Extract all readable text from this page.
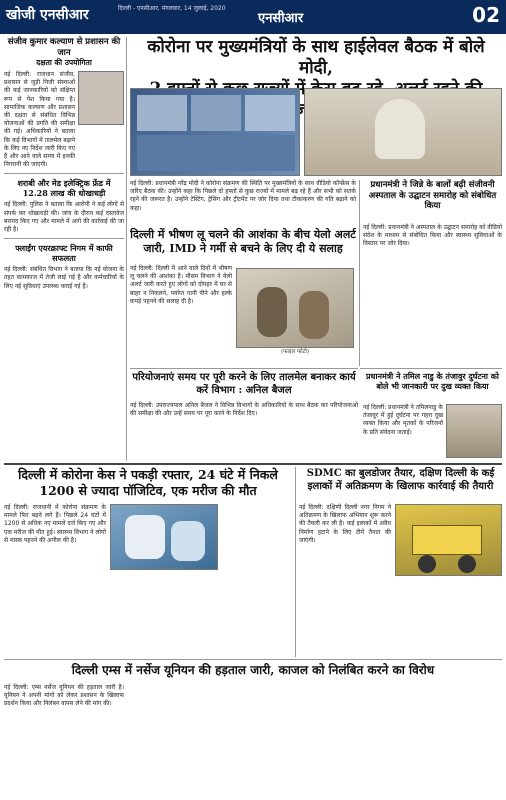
खोजी एनसीआर	दिल्ली - एनसीआर, मंगलवार, 14 जुलाई, 2020

एनसीआर	02
संजीव कुमार कल्याण से प्रशासन की जान
दक्षता की उपयोगिता
नई दिल्ली: राजधान संजीव, प्रशासन से जुड़ी निजी संस्थाओं की कई जानकारियों को संक्षिप्त रूप से पेश किया गया है। सामाजिक कल्याण और प्रशासन की दक्षता से संबंधित विभिन्न योजनाओं की प्रगति की समीक्षा की गई। अधिकारियों ने बताया कि कई विभागों में तालमेल बढ़ाने के लिए नए निर्देश जारी किए गए हैं और आने वाले समय में इनकी निगरानी की जाएगी।
शराबी और मेड इलेक्ट्रिक फ्रेंड में 12.28 लाख की धोखाधड़ी
नई दिल्ली: पुलिस ने बताया कि आरोपी ने कई लोगों से संपर्क कर धोखाधड़ी की। जांच के दौरान कई दस्तावेज बरामद किए गए और मामले में आगे की कार्रवाई की जा रही है।
फ्लाईंग एयरक्राफ्ट निगम में काफी सफलता
नई दिल्ली: संबंधित विभाग ने बताया कि नई योजना के तहत कामकाज में तेजी लाई गई है और कर्मचारियों के लिए नई सुविधाएं उपलब्ध कराई गई हैं।
कोरोना पर मुख्यमंत्रियों के साथ हाईलेवल बैठक में बोले मोदी,
में
नई दिल्ली: प्रधानमंत्री नरेंद्र मोदी ने कोरोना संक्रमण की स्थिति पर मुख्यमंत्रियों के साथ वीडियो कॉन्फ्रेंस के जरिए बैठक की। उन्होंने कहा कि पिछले दो हफ्तों से कुछ राज्यों में मामले बढ़ रहे हैं और सभी को सतर्क रहने की जरूरत है। उन्होंने टेस्टिंग, ट्रेसिंग और ट्रीटमेंट पर जोर दिया तथा टीकाकरण की गति बढ़ाने को कहा।
दिल्ली में भीषण लू चलने की आशंका के बीच येलो अलर्ट जारी, IMD ने गर्मी से बचने के लिए दी ये सलाह
नई दिल्ली: दिल्ली में आने वाले दिनों में भीषण लू चलने की आशंका है। मौसम विभाग ने येलो अलर्ट जारी करते हुए लोगों को दोपहर में घर से बाहर न निकलने, पर्याप्त पानी पीने और हल्के कपड़े पहनने की सलाह दी है।
(फाइल फोटो)
प्रधानमंत्री ने जिन्ने के बालों बढ़ी संजीवनी अस्पताल के उद्घाटन समारोह को संबोधित किया
नई दिल्ली: प्रधानमंत्री ने अस्पताल के उद्घाटन समारोह को वीडियो संदेश के माध्यम से संबोधित किया और स्वास्थ्य सुविधाओं के विस्तार पर जोर दिया।
परियोजनाएं समय पर पूरी करने के लिए तालमेल बनाकर कार्य करें विभाग : अनिल बैजल
नई दिल्ली: उपराज्यपाल अनिल बैजल ने विभिन्न विभागों के अधिकारियों के साथ बैठक कर परियोजनाओं की समीक्षा की और उन्हें समय पर पूरा करने के निर्देश दिए।
प्रधानमंत्री ने तमिल नाडु के तंजावुर दुर्घटना को बोले भी जानकारी पर दुख व्यक्त किया
नई दिल्ली: प्रधानमंत्री ने तमिलनाडु के तंजावुर में हुई दुर्घटना पर गहरा दुख व्यक्त किया और मृतकों के परिजनों के प्रति संवेदना जताई।
दिल्ली में कोरोना केस ने पकड़ी रफ्तार, 24 घंटे में निकले 1200 से ज्यादा पॉजिटिव, एक मरीज की मौत
नई दिल्ली: राजधानी में कोरोना संक्रमण के मामले फिर बढ़ने लगे हैं। पिछले 24 घंटों में 1200 से अधिक नए मामले दर्ज किए गए और एक मरीज की मौत हुई। स्वास्थ्य विभाग ने लोगों से मास्क पहनने की अपील की है।
SDMC का बुलडोजर तैयार, दक्षिण दिल्ली के कई इलाकों में अतिक्रमण के खिलाफ कार्रवाई की तैयारी
नई दिल्ली: दक्षिणी दिल्ली नगर निगम ने अतिक्रमण के खिलाफ अभियान शुरू करने की तैयारी कर ली है। कई इलाकों में अवैध निर्माण हटाने के लिए टीमें तैनात की जाएंगी।
दिल्ली एम्स में नर्सेज यूनियन की हड़ताल जारी, काजल को निलंबित करने का विरोध
नई दिल्ली: एम्स नर्सेज यूनियन की हड़ताल जारी है। यूनियन ने अपनी मांगों को लेकर प्रशासन के खिलाफ प्रदर्शन किया और निलंबन वापस लेने की मांग की।
